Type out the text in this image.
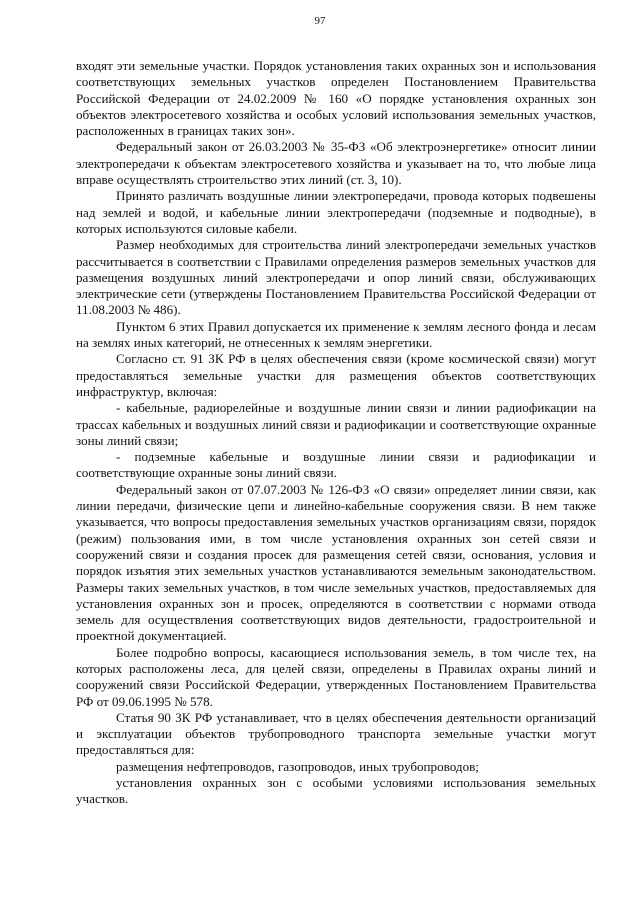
97

входят эти земельные участки. Порядок установления таких охранных зон и использования соответствующих земельных участков определен Постановлением Правительства Российской Федерации от 24.02.2009 № 160 «О порядке установления охранных зон объектов электросетевого хозяйства и особых условий использования земельных участков, расположенных в границах таких зон».

Федеральный закон от 26.03.2003 № 35-ФЗ «Об электроэнергетике» относит линии электропередачи к объектам электросетевого хозяйства и указывает на то, что любые лица вправе осуществлять строительство этих линий (ст. 3, 10).

Принято различать воздушные линии электропередачи, провода которых подвешены над землей и водой, и кабельные линии электропередачи (подземные и подводные), в которых используются силовые кабели.

Размер необходимых для строительства линий электропередачи земельных участков рассчитывается в соответствии с Правилами определения размеров земельных участков для размещения воздушных линий электропередачи и опор линий связи, обслуживающих электрические сети (утверждены Постановлением Правительства Российской Федерации от 11.08.2003 № 486).

Пунктом 6 этих Правил допускается их применение к землям лесного фонда и лесам на землях иных категорий, не отнесенных к землям энергетики.

Согласно ст. 91 ЗК РФ в целях обеспечения связи (кроме космической связи) могут предоставляться земельные участки для размещения объектов соответствующих инфраструктур, включая:

- кабельные, радиорелейные и воздушные линии связи и линии радиофикации на трассах кабельных и воздушных линий связи и радиофикации и соответствующие охранные зоны линий связи;

- подземные кабельные и воздушные линии связи и радиофикации и соответствующие охранные зоны линий связи.

Федеральный закон от 07.07.2003 № 126-ФЗ «О связи» определяет линии связи, как линии передачи, физические цепи и линейно-кабельные сооружения связи. В нем также указывается, что вопросы предоставления земельных участков организациям связи, порядок (режим) пользования ими, в том числе установления охранных зон сетей связи и сооружений связи и создания просек для размещения сетей связи, основания, условия и порядок изъятия этих земельных участков устанавливаются земельным законодательством. Размеры таких земельных участков, в том числе земельных участков, предоставляемых для установления охранных зон и просек, определяются в соответствии с нормами отвода земель для осуществления соответствующих видов деятельности, градостроительной и проектной документацией.

Более подробно вопросы, касающиеся использования земель, в том числе тех, на которых расположены леса, для целей связи, определены в Правилах охраны линий и сооружений связи Российской Федерации, утвержденных Постановлением Правительства РФ от 09.06.1995 № 578.

Статья 90 ЗК РФ устанавливает, что в целях обеспечения деятельности организаций и эксплуатации объектов трубопроводного транспорта земельные участки могут предоставляться для:

размещения нефтепроводов, газопроводов, иных трубопроводов;

установления охранных зон с особыми условиями использования земельных участков.
